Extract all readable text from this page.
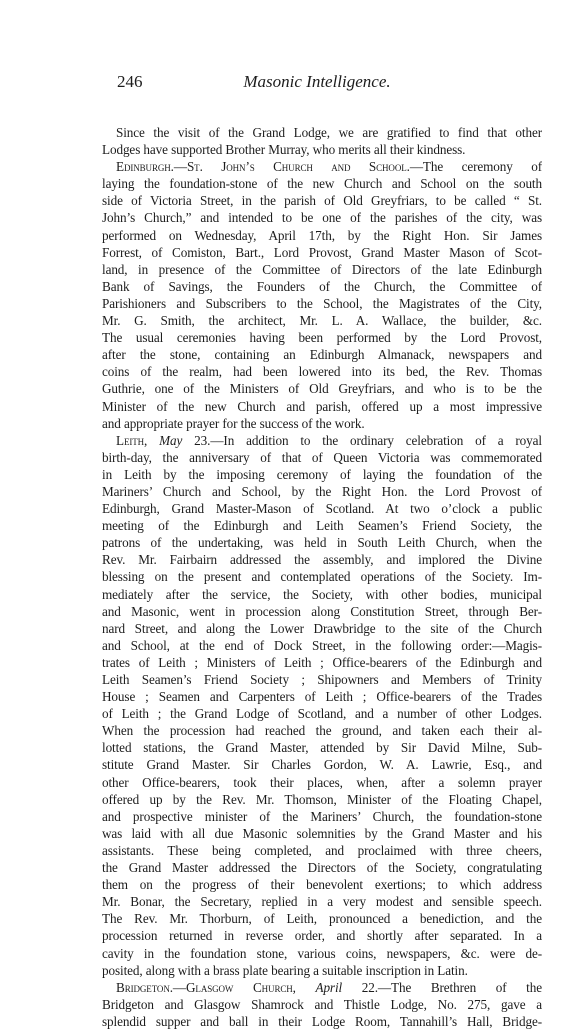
246	Masonic Intelligence.
Since the visit of the Grand Lodge, we are gratified to find that other
Lodges have supported Brother Murray, who merits all their kindness.
Edinburgh.—St. John’s Church and School.—The ceremony of
laying the foundation-stone of the new Church and School on the south
side of Victoria Street, in the parish of Old Greyfriars, to be called “ St.
John’s Church,” and intended to be one of the parishes of the city, was
performed on Wednesday, April 17th, by the Right Hon. Sir James
Forrest, of Comiston, Bart., Lord Provost, Grand Master Mason of Scot-
land, in presence of the Committee of Directors of the late Edinburgh
Bank of Savings, the Founders of the Church, the Committee of
Parishioners and Subscribers to the School, the Magistrates of the City,
Mr. G. Smith, the architect, Mr. L. A. Wallace, the builder, &c.
The usual ceremonies having been performed by the Lord Provost,
after the stone, containing an Edinburgh Almanack, newspapers and
coins of the realm, had been lowered into its bed, the Rev. Thomas
Guthrie, one of the Ministers of Old Greyfriars, and who is to be the
Minister of the new Church and parish, offered up a most impressive
and appropriate prayer for the success of the work.
Leith, May 23.—In addition to the ordinary celebration of a royal
birth-day, the anniversary of that of Queen Victoria was commemorated
in Leith by the imposing ceremony of laying the foundation of the
Mariners’ Church and School, by the Right Hon. the Lord Provost of
Edinburgh, Grand Master-Mason of Scotland. At two o’clock a public
meeting of the Edinburgh and Leith Seamen’s Friend Society, the
patrons of the undertaking, was held in South Leith Church, when the
Rev. Mr. Fairbairn addressed the assembly, and implored the Divine
blessing on the present and contemplated operations of the Society. Im-
mediately after the service, the Society, with other bodies, municipal
and Masonic, went in procession along Constitution Street, through Ber-
nard Street, and along the Lower Drawbridge to the site of the Church
and School, at the end of Dock Street, in the following order:—Magis-
trates of Leith ; Ministers of Leith ; Office-bearers of the Edinburgh and
Leith Seamen’s Friend Society ; Shipowners and Members of Trinity
House ; Seamen and Carpenters of Leith ; Office-bearers of the Trades
of Leith ; the Grand Lodge of Scotland, and a number of other Lodges.
When the procession had reached the ground, and taken each their al-
lotted stations, the Grand Master, attended by Sir David Milne, Sub-
stitute Grand Master. Sir Charles Gordon, W. A. Lawrie, Esq., and
other Office-bearers, took their places, when, after a solemn prayer
offered up by the Rev. Mr. Thomson, Minister of the Floating Chapel,
and prospective minister of the Mariners’ Church, the foundation-stone
was laid with all due Masonic solemnities by the Grand Master and his
assistants. These being completed, and proclaimed with three cheers,
the Grand Master addressed the Directors of the Society, congratulating
them on the progress of their benevolent exertions; to which address
Mr. Bonar, the Secretary, replied in a very modest and sensible speech.
The Rev. Mr. Thorburn, of Leith, pronounced a benediction, and the
procession returned in reverse order, and shortly after separated. In a
cavity in the foundation stone, various coins, newspapers, &c. were de-
posited, along with a brass plate bearing a suitable inscription in Latin.
Bridgeton.—Glasgow Church, April 22.—The Brethren of the
Bridgeton and Glasgow Shamrock and Thistle Lodge, No. 275, gave a
splendid supper and ball in their Lodge Room, Tannahill’s Hall, Bridge-
